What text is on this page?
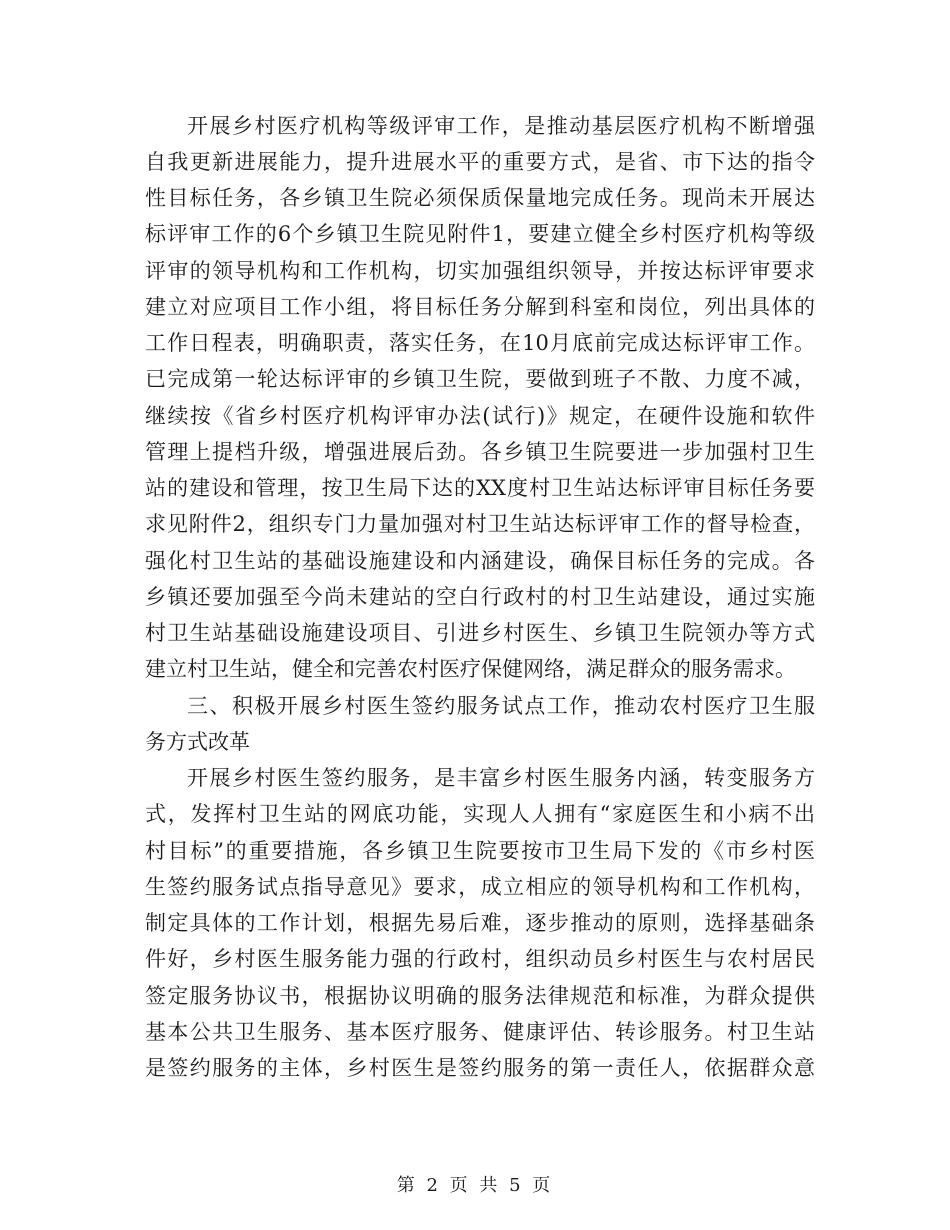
开展乡村医疗机构等级评审工作，是推动基层医疗机构不断增强
自我更新进展能力，提升进展水平的重要方式，是省、市下达的指令
性目标任务，各乡镇卫生院必须保质保量地完成任务。现尚未开展达
标评审工作的6个乡镇卫生院见附件1，要建立健全乡村医疗机构等级
评审的领导机构和工作机构，切实加强组织领导，并按达标评审要求
建立对应项目工作小组，将目标任务分解到科室和岗位，列出具体的
工作日程表，明确职责，落实任务，在10月底前完成达标评审工作。
已完成第一轮达标评审的乡镇卫生院，要做到班子不散、力度不减，
继续按《省乡村医疗机构评审办法(试行)》规定，在硬件设施和软件
管理上提档升级，增强进展后劲。各乡镇卫生院要进一步加强村卫生
站的建设和管理，按卫生局下达的XX度村卫生站达标评审目标任务要
求见附件2，组织专门力量加强对村卫生站达标评审工作的督导检查，
强化村卫生站的基础设施建设和内涵建设，确保目标任务的完成。各
乡镇还要加强至今尚未建站的空白行政村的村卫生站建设，通过实施
村卫生站基础设施建设项目、引进乡村医生、乡镇卫生院领办等方式
建立村卫生站，健全和完善农村医疗保健网络，满足群众的服务需求。
三、积极开展乡村医生签约服务试点工作，推动农村医疗卫生服
务方式改革
开展乡村医生签约服务，是丰富乡村医生服务内涵，转变服务方
式，发挥村卫生站的网底功能，实现人人拥有“家庭医生和小病不出
村目标”的重要措施，各乡镇卫生院要按市卫生局下发的《市乡村医
生签约服务试点指导意见》要求，成立相应的领导机构和工作机构，
制定具体的工作计划，根据先易后难，逐步推动的原则，选择基础条
件好，乡村医生服务能力强的行政村，组织动员乡村医生与农村居民
签定服务协议书，根据协议明确的服务法律规范和标准，为群众提供
基本公共卫生服务、基本医疗服务、健康评估、转诊服务。村卫生站
是签约服务的主体，乡村医生是签约服务的第一责任人，依据群众意
第 2 页 共 5 页
